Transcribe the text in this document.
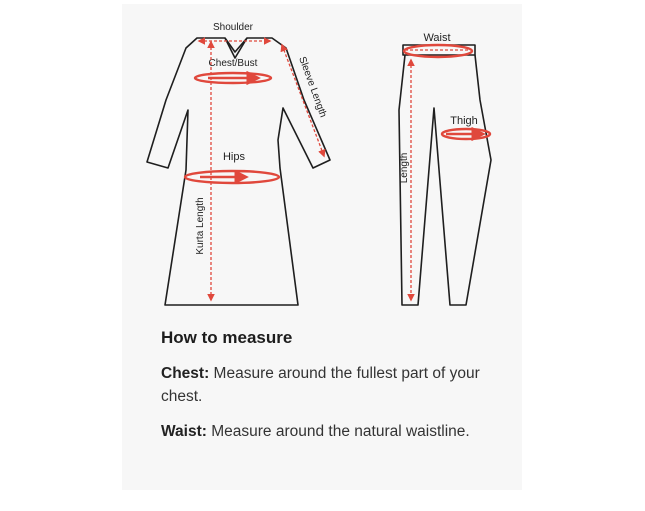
Shoulder
Chest/Bust	Sleeve Length
Hips
Kurta Length
Waist
Thigh
Length
How to measure

Chest: Measure around the fullest part of your chest.

Waist: Measure around the natural waistline.
